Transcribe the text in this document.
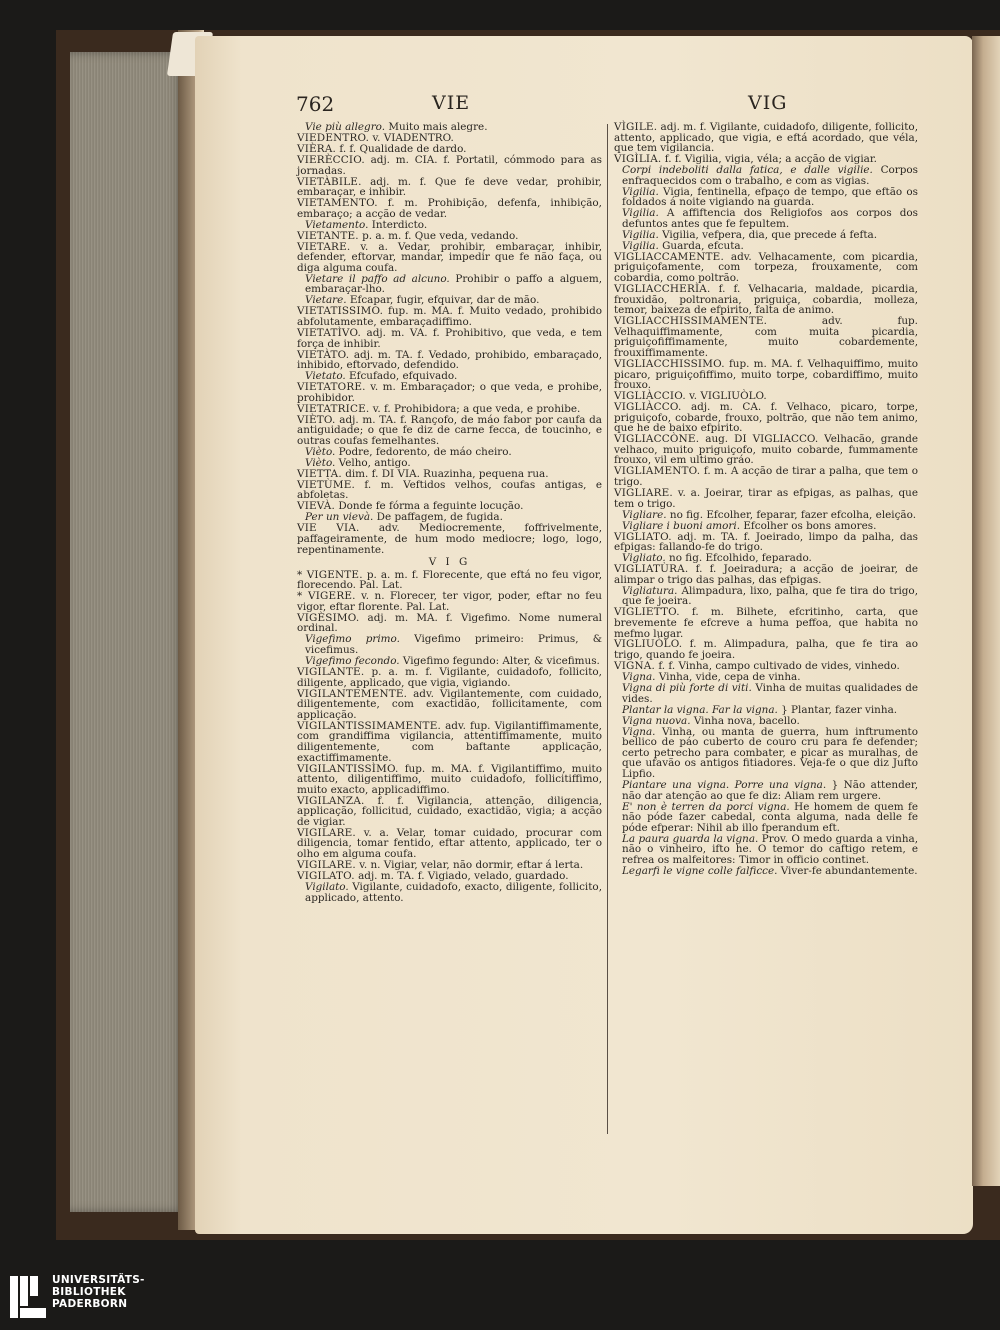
762	VIE	VIG

Vie più allegro. Muito mais alegre.

VIEDENTRO. v. VIADENTRO.

VIÈRA. f. f. Qualidade de dardo.

VIERÈCCIO. adj. m. CIA. f. Portatil, cómmodo para as jornadas.

VIETÀBILE. adj. m. f. Que fe deve vedar, prohibir, embaraçar, e inhibir.

VIETAMENTO. f. m. Prohibição, defenfa, inhibição, embaraço; a acção de vedar.

Vietamento. Interdicto.

VIETANTE. p. a. m. f. Que veda, vedando.

VIETARE. v. a. Vedar, prohibir, embaraçar, inhibir, defender, eftorvar, mandar, impedir que fe não faça, ou diga alguma coufa.

Vietare il paffo ad alcuno. Prohibir o paffo a alguem, embaraçar-lho.

Vietare. Efcapar, fugir, efquivar, dar de mão.

VIETATISSIMO. fup. m. MA. f. Muito vedado, prohibido abfolutamente, embaraçadiffimo.

VIETATÌVO. adj. m. VA. f. Prohibitivo, que veda, e tem força de inhibir.

VIETÀTO. adj. m. TA. f. Vedado, prohibido, embaraçado, inhibido, eftorvado, defendido.

Vietato. Efcufado, efquivado.

VIETATORE. v. m. Embaraçador; o que veda, e prohibe, prohibidor.

VIETATRICE. v. f. Prohibidora; a que veda, e prohibe.

VIÈTO. adj. m. TA. f. Rançofo, de máo fabor por caufa da antiguidade; o que fe diz de carne fecca, de toucinho, e outras coufas femelhantes.

Vièto. Podre, fedorento, de máo cheiro.

Vièto. Velho, antigo.

VIETTA. dim. f. DI VIA. Ruazinha, pequena rua.

VIETÙME. f. m. Veftidos velhos, coufas antigas, e abfoletas.

VIEVÀ. Donde fe fórma a feguinte locução.

Per un vievà. De paffagem, de fugida.

VIE VIA. adv. Mediocremente, foffrivelmente, paffageiramente, de hum modo mediocre; logo, logo, repentinamente.

V I G

* VIGENTE. p. a. m. f. Florecente, que eftá no feu vigor, florecendo. Pal. Lat.

* VIGERE. v. n. Florecer, ter vigor, poder, eftar no feu vigor, eftar florente. Pal. Lat.

VIGÈSIMO. adj. m. MA. f. Vigefimo. Nome numeral ordinal.

Vigefimo primo. Vigefimo primeiro: Primus, & vicefimus.

Vigefimo fecondo. Vigefimo fegundo: Alter, & vicefimus.

VIGILANTE. p. a. m. f. Vigilante, cuidadofo, follicito, diligente, applicado, que vigia, vigiando.

VIGILANTEMENTE. adv. Vigilantemente, com cuidado, diligentemente, com exactidão, follicitamente, com applicação.

VIGILANTISSIMAMENTE. adv. fup. Vigilantiffimamente, com grandiffima vigilancia, attentiffimamente, muito diligentemente, com baftante applicação, exactiffimamente.

VIGILANTISSÌMO. fup. m. MA. f. Vigilantiffimo, muito attento, diligentiffimo, muito cuidadofo, follicitiffimo, muito exacto, applicadiffimo.

VIGILANZA. f. f. Vigilancia, attenção, diligencia, applicação, follicitud, cuidado, exactidão, vigia; a acção de vigiar.

VIGILARE. v. a. Velar, tomar cuidado, procurar com diligencia, tomar fentido, eftar attento, applicado, ter o olho em alguma coufa.

VIGILARE. v. n. Vigiar, velar, não dormir, eftar á lerta.

VIGILATO. adj. m. TA. f. Vigiado, velado, guardado.

Vigilato. Vigilante, cuidadofo, exacto, diligente, follicito, applicado, attento.

VÌGILE. adj. m. f. Vigilante, cuidadofo, diligente, follicito, attento, applicado, que vigia, e eftá acordado, que véla, que tem vigilancia.

VIGÌLIA. f. f. Vigilia, vigia, véla; a acção de vigiar.

Corpi indeboliti dalla fatica, e dalle vigilie. Corpos enfraquecidos com o trabalho, e com as vigias.

Vigilia. Vigia, fentinella, efpaço de tempo, que eftão os foldados á noite vigiando na guarda.

Vigilia. A affiftencia dos Religiofos aos corpos dos defuntos antes que fe fepultem.

Vigilia. Vigilia, vefpera, dia, que precede á fefta.

Vigilia. Guarda, efcuta.

VIGLIACCAMENTE. adv. Velhacamente, com picardia, priguiçofamente, com torpeza, frouxamente, com cobardia, como poltrão.

VIGLIACCHERÌA. f. f. Velhacaria, maldade, picardia, frouxidão, poltronaria, priguiça, cobardia, molleza, temor, baixeza de efpirito, falta de animo.

VIGLIACCHISSIMAMENTE.	adv. fup. Velhaquiffimamente, com muita picardia, priguiçofiffimamente, muito cobardemente, frouxiffimamente.

VIGLIACCHISSIMO. fup. m. MA. f. Velhaquiffimo, muito picaro, priguiçofiffimo, muito torpe, cobardiffimo, muito frouxo.

VIGLIÀCCIO. v. VIGLIUÒLO.

VIGLIÀCCO. adj. m. CA. f. Velhaco, picaro, torpe, priguiçofo, cobarde, frouxo, poltrão, que não tem animo, que he de baixo efpirito.

VIGLIACCÒNE. aug. DI VIGLIACCO. Velhacão, grande velhaco, muito priguiçofo, muito cobarde, fummamente frouxo, vil em ultimo gráo.

VIGLIAMENTO. f. m. A acção de tirar a palha, que tem o trigo.

VIGLIARE. v. a. Joeirar, tirar as efpigas, as palhas, que tem o trigo.

Vigliare. no fig. Efcolher, feparar, fazer efcolha, eleição.

Vigliare i buoni amori. Efcolher os bons amores.

VIGLIATO. adj. m. TA. f. Joeirado, limpo da palha, das efpigas: fallando-fe do trigo.

Vigliato. no fig. Efcolhido, feparado.

VIGLIATÙRA. f. f. Joeiradura; a acção de joeirar, de alimpar o trigo das palhas, das efpigas.

Vigliatura. Alimpadura, lixo, palha, que fe tira do trigo, que fe joeira.

VIGLIETTO. f. m. Bilhete, efcritinho, carta, que brevemente fe efcreve a huma peffoa, que habita no mefmo lugar.

VIGLIUÒLO. f. m. Alimpadura, palha, que fe tira ao trigo, quando fe joeira.

VIGNA. f. f. Vinha, campo cultivado de vides, vinhedo.

Vigna. Vinha, vide, cepa de vinha.

Vigna di più forte di viti. Vinha de muitas qualidades de vides.

Plantar la vigna. Far la vigna. } Plantar, fazer vinha.

Vigna nuova. Vinha nova, bacello.

Vigna. Vinha, ou manta de guerra, hum inftrumento bellico de páo cuberto de couro cru para fe defender; certo petrecho para combater, e picar as muralhas, de que ufavão os antigos fitiadores. Veja-fe o que diz Jufto Lipfio.

Piantare una vigna. Porre una vigna. } Não attender, não dar atenção ao que fe diz: Aliam rem urgere.

E' non è terren da porci vigna. He homem de quem fe não póde fazer cabedal, conta alguma, nada delle fe póde efperar: Nihil ab illo fperandum eft.

La paura guarda la vigna. Prov. O medo guarda a vinha, não o vinheiro, ifto he. O temor do caftigo retem, e refrea os malfeitores: Timor in officio continet.

Legarfi le vigne colle falficce. Viver-fe abundantemente.

UNIVERSITÄTS-
BIBLIOTHEK
PADERBORN
